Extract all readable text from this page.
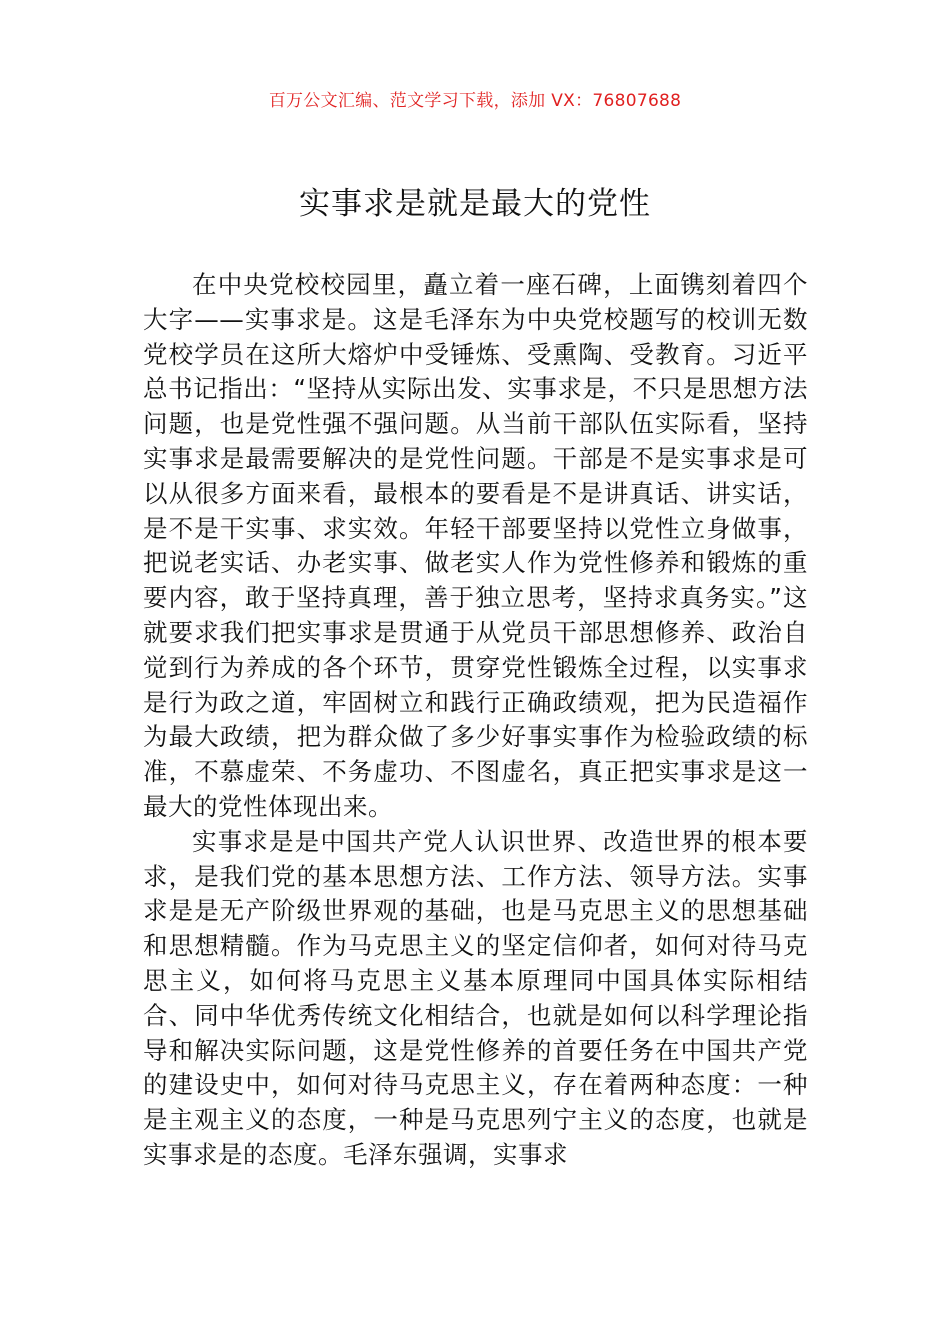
百万公文汇编、范文学习下载，添加 VX：76807688
实事求是就是最大的党性

在中央党校校园里，矗立着一座石碑，上面镌刻着四个大字——实事求是。这是毛泽东为中央党校题写的校训无数党校学员在这所大熔炉中受锤炼、受熏陶、受教育。习近平总书记指出：“坚持从实际出发、实事求是，不只是思想方法问题，也是党性强不强问题。从当前干部队伍实际看，坚持实事求是最需要解决的是党性问题。干部是不是实事求是可以从很多方面来看，最根本的要看是不是讲真话、讲实话，是不是干实事、求实效。年轻干部要坚持以党性立身做事，把说老实话、办老实事、做老实人作为党性修养和锻炼的重要内容，敢于坚持真理，善于独立思考，坚持求真务实。”这就要求我们把实事求是贯通于从党员干部思想修养、政治自觉到行为养成的各个环节，贯穿党性锻炼全过程，以实事求是行为政之道，牢固树立和践行正确政绩观，把为民造福作为最大政绩，把为群众做了多少好事实事作为检验政绩的标准，不慕虚荣、不务虚功、不图虚名，真正把实事求是这一最大的党性体现出来。

实事求是是中国共产党人认识世界、改造世界的根本要求，是我们党的基本思想方法、工作方法、领导方法。实事求是是无产阶级世界观的基础，也是马克思主义的思想基础和思想精髓。作为马克思主义的坚定信仰者，如何对待马克思主义，如何将马克思主义基本原理同中国具体实际相结合、同中华优秀传统文化相结合，也就是如何以科学理论指导和解决实际问题，这是党性修养的首要任务在中国共产党的建设史中，如何对待马克思主义，存在着两种态度：一种是主观主义的态度，一种是马克思列宁主义的态度，也就是实事求是的态度。毛泽东强调，实事求
